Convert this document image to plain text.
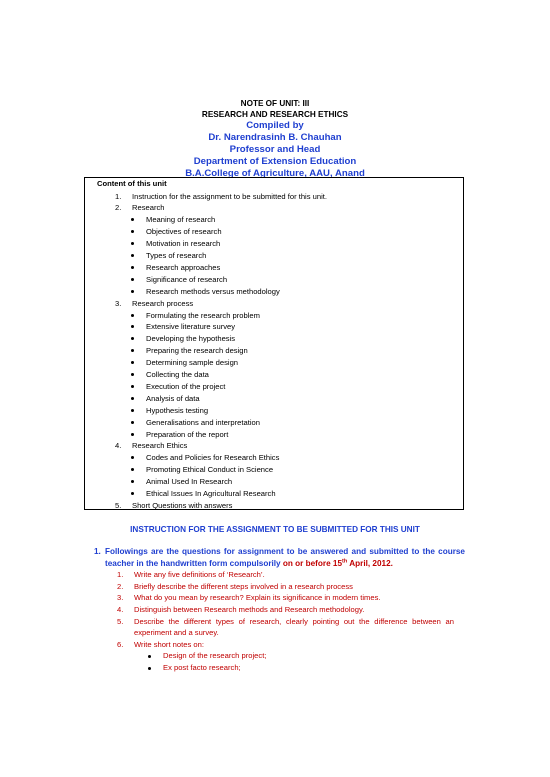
NOTE OF UNIT: III
RESEARCH AND RESEARCH ETHICS
Compiled by
Dr. Narendrasinh B. Chauhan
Professor and Head
Department of Extension Education
B.A.College of Agriculture, AAU, Anand
Content of this unit
1. Instruction for the assignment to be submitted for this unit.
2. Research
Meaning of research
Objectives of research
Motivation in research
Types of research
Research approaches
Significance of research
Research methods versus methodology
3. Research process
Formulating the research problem
Extensive literature survey
Developing the hypothesis
Preparing the research design
Determining sample design
Collecting the data
Execution of the project
Analysis of data
Hypothesis testing
Generalisations and interpretation
Preparation of the report
4. Research Ethics
Codes and Policies for Research Ethics
Promoting Ethical Conduct in Science
Animal Used In Research
Ethical Issues In Agricultural Research
5. Short Questions with answers
INSTRUCTION FOR THE ASSIGNMENT TO BE SUBMITTED FOR THIS UNIT
1. Followings are the questions for assignment to be answered and submitted to the course teacher in the handwritten form compulsorily on or before 15th April, 2012.
1. Write any five definitions of ‘Research’.
2. Briefly describe the different steps involved in a research process
3. What do you mean by research? Explain its significance in modern times.
4. Distinguish between Research methods and Research methodology.
5. Describe the different types of research, clearly pointing out the difference between an experiment and a survey.
6. Write short notes on:
Design of the research project;
Ex post facto research;
